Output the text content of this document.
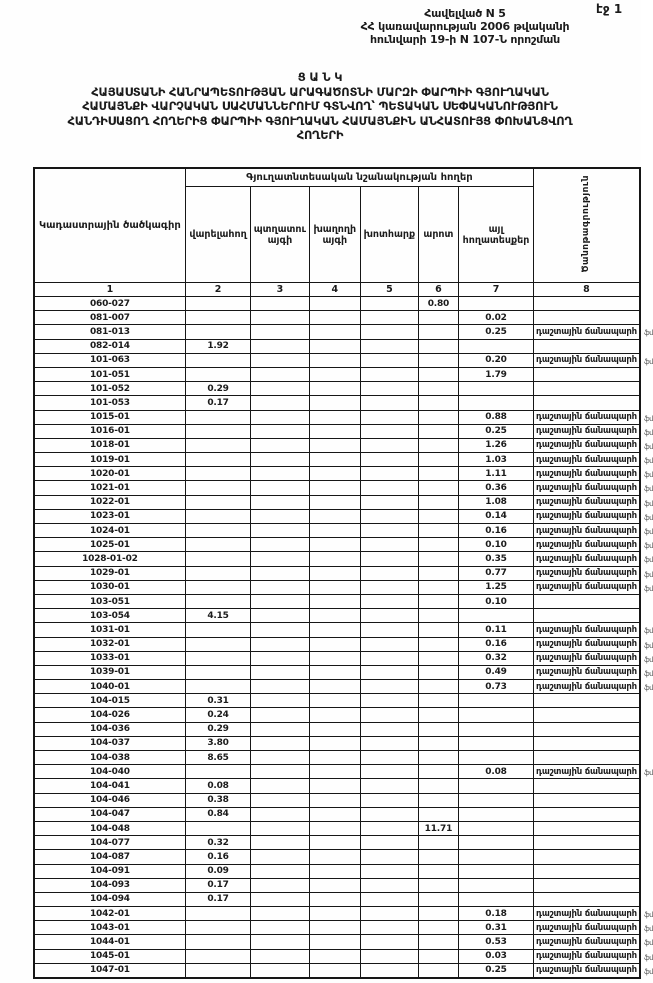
էջ 1
Հավելված N 5
ՀՀ կառավարության 2006 թվականի
հունվարի 19-ի N 107-Ն որոշման
Ց Ա Ն Կ
ՀԱՅԱՍՏԱՆԻ ՀԱՆՐԱՊԵՏՈՒԹՅԱՆ ԱՐԱԳԱԾՈՏՆԻ ՄԱՐԶԻ ՓԱՐՊԻԻ ԳՅՈՒՂԱԿԱՆ
ՀԱՄԱՅՆՔԻ ՎԱՐՉԱԿԱՆ ՍԱՀՄԱՆՆԵՐՈՒՄ ԳՏՆՎՈՂ՝ ՊԵՏԱԿԱՆ ՍԵՓԱԿԱՆՈՒԹՅՈՒՆ
ՀԱՆԴԻՍԱՑՈՂ ՀՈՂԵՐԻՑ ՓԱՐՊԻԻ ԳՅՈՒՂԱԿԱՆ ՀԱՄԱՅՆՔԻՆ ԱՆՀԱՏՈՒՅՑ ՓՈԽԱՆՑՎՈՂ
ՀՈՂԵՐԻ
Կադաստրային ծածկագիր	Գյուղատնտեսական նշանակության հողեր						Ծանոթագրություն
	վարելահող	պտղատու այգի	խաղողի այգի	խոտհարք	արոտ	այլ հողատեսքեր	
1	2	3	4	5	6	7	8
060-027					0.80		
081-007						0.02	
081-013						0.25	դաշտային ճանապարհ ֆմ

082-014	1.92						
101-063						0.20	դաշտային ճանապարհ ֆմ

101-051						1.79	
101-052	0.29						
101-053	0.17						
1015-01						0.88	դաշտային ճանապարհ ֆմ

1016-01						0.25	դաշտային ճանապարհ ֆմ

1018-01						1.26	դաշտային ճանապարհ ֆմ

1019-01						1.03	դաշտային ճանապարհ ֆմ

1020-01						1.11	դաշտային ճանապարհ ֆմ

1021-01						0.36	դաշտային ճանապարհ ֆմ

1022-01						1.08	դաշտային ճանապարհ ֆմ

1023-01						0.14	դաշտային ճանապարհ ֆմ

1024-01						0.16	դաշտային ճանապարհ ֆմ

1025-01						0.10	դաշտային ճանապարհ ֆմ

1028-01-02						0.35	դաշտային ճանապարհ ֆմ

1029-01						0.77	դաշտային ճանապարհ ֆմ

1030-01						1.25	դաշտային ճանապարհ ֆմ

103-051						0.10	
103-054	4.15						
1031-01						0.11	դաշտային ճանապարհ ֆմ

1032-01						0.16	դաշտային ճանապարհ ֆմ

1033-01						0.32	դաշտային ճանապարհ ֆմ

1039-01						0.49	դաշտային ճանապարհ ֆմ

1040-01						0.73	դաշտային ճանապարհ ֆմ

104-015	0.31						
104-026	0.24						
104-036	0.29						
104-037	3.80						
104-038	8.65						
104-040						0.08	դաշտային ճանապարհ ֆմ

104-041	0.08						
104-046	0.38						
104-047	0.84						
104-048					11.71		
104-077	0.32						
104-087	0.16						
104-091	0.09						
104-093	0.17						
104-094	0.17						
1042-01						0.18	դաշտային ճանապարհ ֆմ

1043-01						0.31	դաշտային ճանապարհ ֆմ

1044-01						0.53	դաշտային ճանապարհ ֆմ

1045-01						0.03	դաշտային ճանապարհ ֆմ

1047-01						0.25	դաշտային ճանապարհ ֆմ
